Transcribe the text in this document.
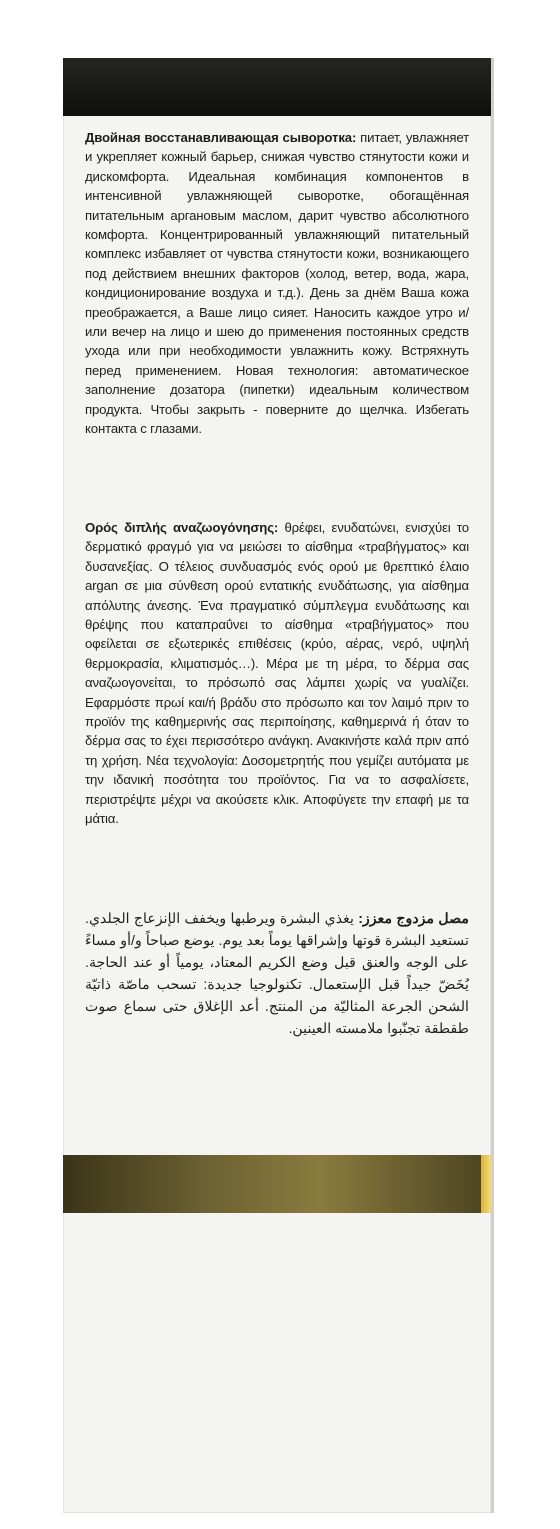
Двойная восстанавливающая сыворотка: питает, увлажняет и укрепляет кожный барьер, снижая чувство стянутости кожи и дискомфорта. Идеальная комбинация компонентов в интенсивной увлажняющей сыворотке, обогащённая питательным аргановым маслом, дарит чувство абсолютного комфорта. Концентрированный увлажняющий питательный комплекс избавляет от чувства стянутости кожи, возникающего под действием внешних факторов (холод, ветер, вода, жара, кондиционирование воздуха и т.д.). День за днём Ваша кожа преображается, а Ваше лицо сияет. Наносить каждое утро и/или вечер на лицо и шею до применения постоянных средств ухода или при необходимости увлажнить кожу. Встряхнуть перед применением. Новая технология: автоматическое заполнение дозатора (пипетки) идеальным количеством продукта. Чтобы закрыть - поверните до щелчка. Избегать контакта с глазами.
Ορός διπλής αναζωογόνησης: θρέφει, ενυδατώνει, ενισχύει το δερματικό φραγμό για να μειώσει το αίσθημα «τραβήγματος» και δυσανεξίας. Ο τέλειος συνδυασμός ενός ορού με θρεπτικό έλαιο argan σε μια σύνθεση ορού εντατικής ενυδάτωσης, για αίσθημα απόλυτης άνεσης. Ένα πραγματικό σύμπλεγμα ενυδάτωσης και θρέψης που καταπραΰνει το αίσθημα «τραβήγματος» που οφείλεται σε εξωτερικές επιθέσεις (κρύο, αέρας, νερό, υψηλή θερμοκρασία, κλιματισμός…). Μέρα με τη μέρα, το δέρμα σας αναζωογονείται, το πρόσωπό σας λάμπει χωρίς να γυαλίζει. Εφαρμόστε πρωί και/ή βράδυ στο πρόσωπο και τον λαιμό πριν το προϊόν της καθημερινής σας περιποίησης, καθημερινά ή όταν το δέρμα σας το έχει περισσότερο ανάγκη. Ανακινήστε καλά πριν από τη χρήση. Νέα τεχνολογία: Δοσομετρητής που γεμίζει αυτόματα με την ιδανική ποσότητα του προϊόντος. Για να το ασφαλίσετε, περιστρέψτε μέχρι να ακούσετε κλικ. Αποφύγετε την επαφή με τα μάτια.
مصل مزدوج معزز: يغذي البشرة ويرطبها ويخفف الإنزعاج الجلدي. تستعيد البشرة قوتها وإشراقها يوماً بعد يوم. يوضع صباحاً و/أو مساءً على الوجه والعنق قبل وضع الكريم المعتاد، يومياً أو عند الحاجة. يُخَضّ جيداً قبل الإستعمال. تكنولوجيا جديدة: تسحب ماصّة ذاتيّة الشحن الجرعة المثاليّة من المنتج. أعد الإغلاق حتى سماع صوت طقطقة تجنّبوا ملامسته العينين.
